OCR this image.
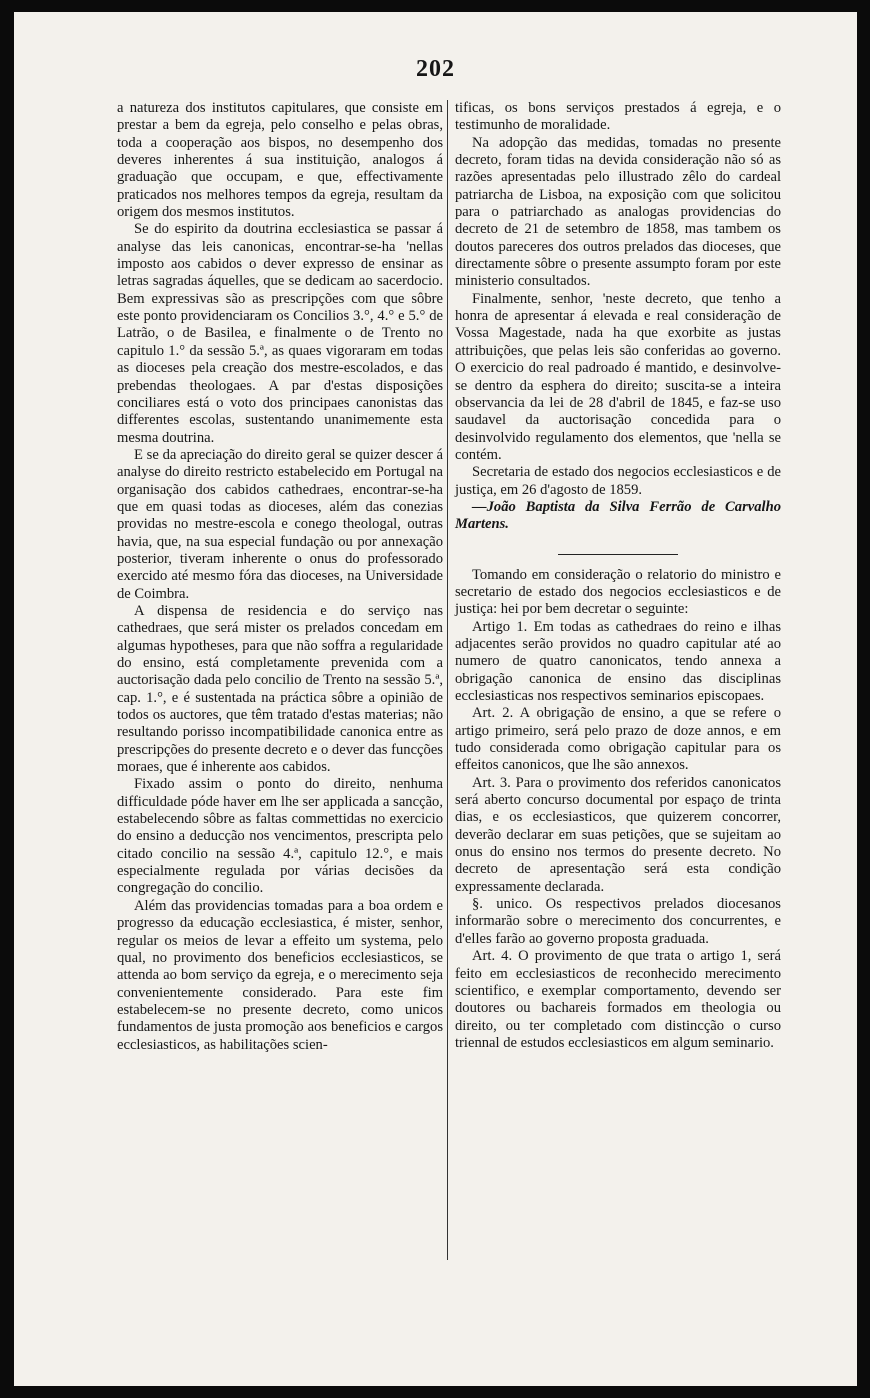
202

a natureza dos institutos capitulares, que consiste em prestar a bem da egreja, pelo conselho e pelas obras, toda a cooperação aos bispos, no desempenho dos deveres inherentes á sua instituição, analogos á graduação que occupam, e que, effectivamente praticados nos melhores tempos da egreja, resultam da origem dos mesmos institutos.

Se do espirito da doutrina ecclesiastica se passar á analyse das leis canonicas, encontrar-se-ha 'nellas imposto aos cabidos o dever expresso de ensinar as letras sagradas áquelles, que se dedicam ao sacerdocio. Bem expressivas são as prescripções com que sôbre este ponto providenciaram os Concilios 3.°, 4.° e 5.° de Latrão, o de Basilea, e finalmente o de Trento no capitulo 1.° da sessão 5.ª, as quaes vigoraram em todas as dioceses pela creação dos mestre-escolados, e das prebendas theologaes. A par d'estas disposições conciliares está o voto dos principaes canonistas das differentes escolas, sustentando unanimemente esta mesma doutrina.

E se da apreciação do direito geral se quizer descer á analyse do direito restricto estabelecido em Portugal na organisação dos cabidos cathedraes, encontrar-se-ha que em quasi todas as dioceses, além das conezias providas no mestre-escola e conego theologal, outras havia, que, na sua especial fundação ou por annexação posterior, tiveram inherente o onus do professorado exercido até mesmo fóra das dioceses, na Universidade de Coimbra.

A dispensa de residencia e do serviço nas cathedraes, que será mister os prelados concedam em algumas hypotheses, para que não soffra a regularidade do ensino, está completamente prevenida com a auctorisação dada pelo concilio de Trento na sessão 5.ª, cap. 1.°, e é sustentada na práctica sôbre a opinião de todos os auctores, que têm tratado d'estas materias; não resultando porisso incompatibilidade canonica entre as prescripções do presente decreto e o dever das funcções moraes, que é inherente aos cabidos.

Fixado assim o ponto do direito, nenhuma difficuldade póde haver em lhe ser applicada a sancção, estabelecendo sôbre as faltas commettidas no exercicio do ensino a deducção nos vencimentos, prescripta pelo citado concilio na sessão 4.ª, capitulo 12.°, e mais especialmente regulada por várias decisões da congregação do concilio.

Além das providencias tomadas para a boa ordem e progresso da educação ecclesiastica, é mister, senhor, regular os meios de levar a effeito um systema, pelo qual, no provimento dos beneficios ecclesiasticos, se attenda ao bom serviço da egreja, e o merecimento seja convenientemente considerado. Para este fim estabelecem-se no presente decreto, como unicos fundamentos de justa promoção aos beneficios e cargos ecclesiasticos, as habilitações scien-

tificas, os bons serviços prestados á egreja, e o testimunho de moralidade.

Na adopção das medidas, tomadas no presente decreto, foram tidas na devida consideração não só as razões apresentadas pelo illustrado zêlo do cardeal patriarcha de Lisboa, na exposição com que solicitou para o patriarchado as analogas providencias do decreto de 21 de setembro de 1858, mas tambem os doutos pareceres dos outros prelados das dioceses, que directamente sôbre o presente assumpto foram por este ministerio consultados.

Finalmente, senhor, 'neste decreto, que tenho a honra de apresentar á elevada e real consideração de Vossa Magestade, nada ha que exorbite as justas attribuições, que pelas leis são conferidas ao governo. O exercicio do real padroado é mantido, e desinvolve-se dentro da esphera do direito; suscita-se a inteira observancia da lei de 28 d'abril de 1845, e faz-se uso saudavel da auctorisação concedida para o desinvolvido regulamento dos elementos, que 'nella se contém.

Secretaria de estado dos negocios ecclesiasticos e de justiça, em 26 d'agosto de 1859.

—João Baptista da Silva Ferrão de Carvalho Martens.

Tomando em consideração o relatorio do ministro e secretario de estado dos negocios ecclesiasticos e de justiça: hei por bem decretar o seguinte:

Artigo 1. Em todas as cathedraes do reino e ilhas adjacentes serão providos no quadro capitular até ao numero de quatro canonicatos, tendo annexa a obrigação canonica de ensino das disciplinas ecclesiasticas nos respectivos seminarios episcopaes.

Art. 2. A obrigação de ensino, a que se refere o artigo primeiro, será pelo prazo de doze annos, e em tudo considerada como obrigação capitular para os effeitos canonicos, que lhe são annexos.

Art. 3. Para o provimento dos referidos canonicatos será aberto concurso documental por espaço de trinta dias, e os ecclesiasticos, que quizerem concorrer, deverão declarar em suas petições, que se sujeitam ao onus do ensino nos termos do presente decreto. No decreto de apresentação será esta condição expressamente declarada.

§. unico. Os respectivos prelados diocesanos informarão sobre o merecimento dos concurrentes, e d'elles farão ao governo proposta graduada.

Art. 4. O provimento de que trata o artigo 1, será feito em ecclesiasticos de reconhecido merecimento scientifico, e exemplar comportamento, devendo ser doutores ou bachareis formados em theologia ou direito, ou ter completado com distincção o curso triennal de estudos ecclesiasticos em algum seminario.
